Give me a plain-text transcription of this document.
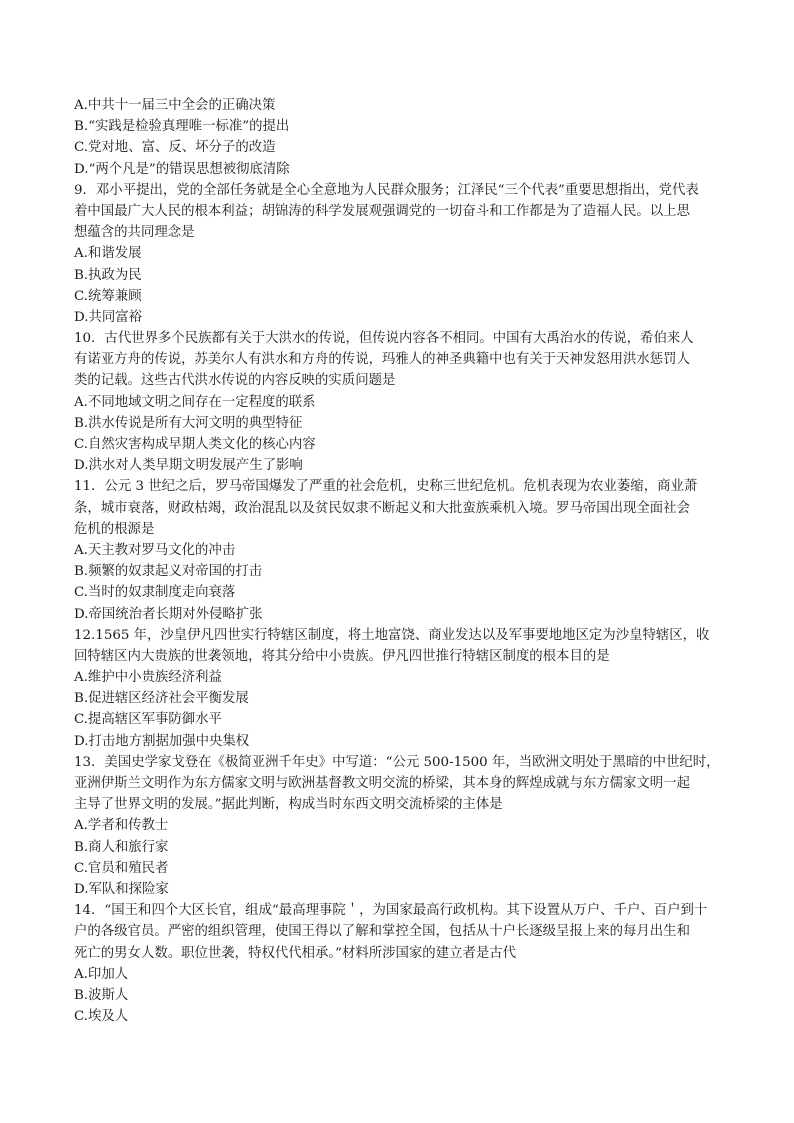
A.中共十一届三中全会的正确决策
B.“实践是检验真理唯一标准”的提出
C.党对地、富、反、坏分子的改造
D.“两个凡是”的错误思想被彻底清除
9．邓小平提出，党的全部任务就是全心全意地为人民群众服务；江泽民“三个代表”重要思想指出，党代表
着中国最广大人民的根本利益；胡锦涛的科学发展观强调党的一切奋斗和工作都是为了造福人民。以上思
想蕴含的共同理念是
A.和谐发展
B.执政为民
C.统筹兼顾
D.共同富裕
10．古代世界多个民族都有关于大洪水的传说，但传说内容各不相同。中国有大禹治水的传说，希伯来人
有诺亚方舟的传说，苏美尔人有洪水和方舟的传说，玛雅人的神圣典籍中也有关于天神发怒用洪水惩罚人
类的记载。这些古代洪水传说的内容反映的实质问题是
A.不同地域文明之间存在一定程度的联系
B.洪水传说是所有大河文明的典型特征
C.自然灾害构成早期人类文化的核心内容
D.洪水对人类早期文明发展产生了影响
11．公元 3 世纪之后，罗马帝国爆发了严重的社会危机，史称三世纪危机。危机表现为农业萎缩，商业萧
条，城市衰落，财政枯竭，政治混乱以及贫民奴隶不断起义和大批蛮族乘机入境。罗马帝国出现全面社会
危机的根源是
A.天主教对罗马文化的冲击
B.频繁的奴隶起义对帝国的打击
C.当时的奴隶制度走向衰落
D.帝国统治者长期对外侵略扩张
12.1565 年，沙皇伊凡四世实行特辖区制度，将土地富饶、商业发达以及军事要地地区定为沙皇特辖区，收
回特辖区内大贵族的世袭领地，将其分给中小贵族。伊凡四世推行特辖区制度的根本目的是
A.维护中小贵族经济利益
B.促进辖区经济社会平衡发展
C.提高辖区军事防御水平
D.打击地方割据加强中央集权
13．美国史学家戈登在《极简亚洲千年史》中写道：“公元 500-1500 年，当欧洲文明处于黑暗的中世纪时，
亚洲伊斯兰文明作为东方儒家文明与欧洲基督教文明交流的桥梁，其本身的辉煌成就与东方儒家文明一起
主导了世界文明的发展。”据此判断，构成当时东西文明交流桥梁的主体是
A.学者和传教士
B.商人和旅行家
C.官员和殖民者
D.军队和探险家
14．“国王和四个大区长官，组成“最高理事院＇，为国家最高行政机构。其下设置从万户、千户、百户到十
户的各级官员。严密的组织管理，使国王得以了解和掌控全国，包括从十户长逐级呈报上来的每月出生和
死亡的男女人数。职位世袭，特权代代相承。”材料所涉国家的建立者是古代
A.印加人
B.波斯人
C.埃及人
